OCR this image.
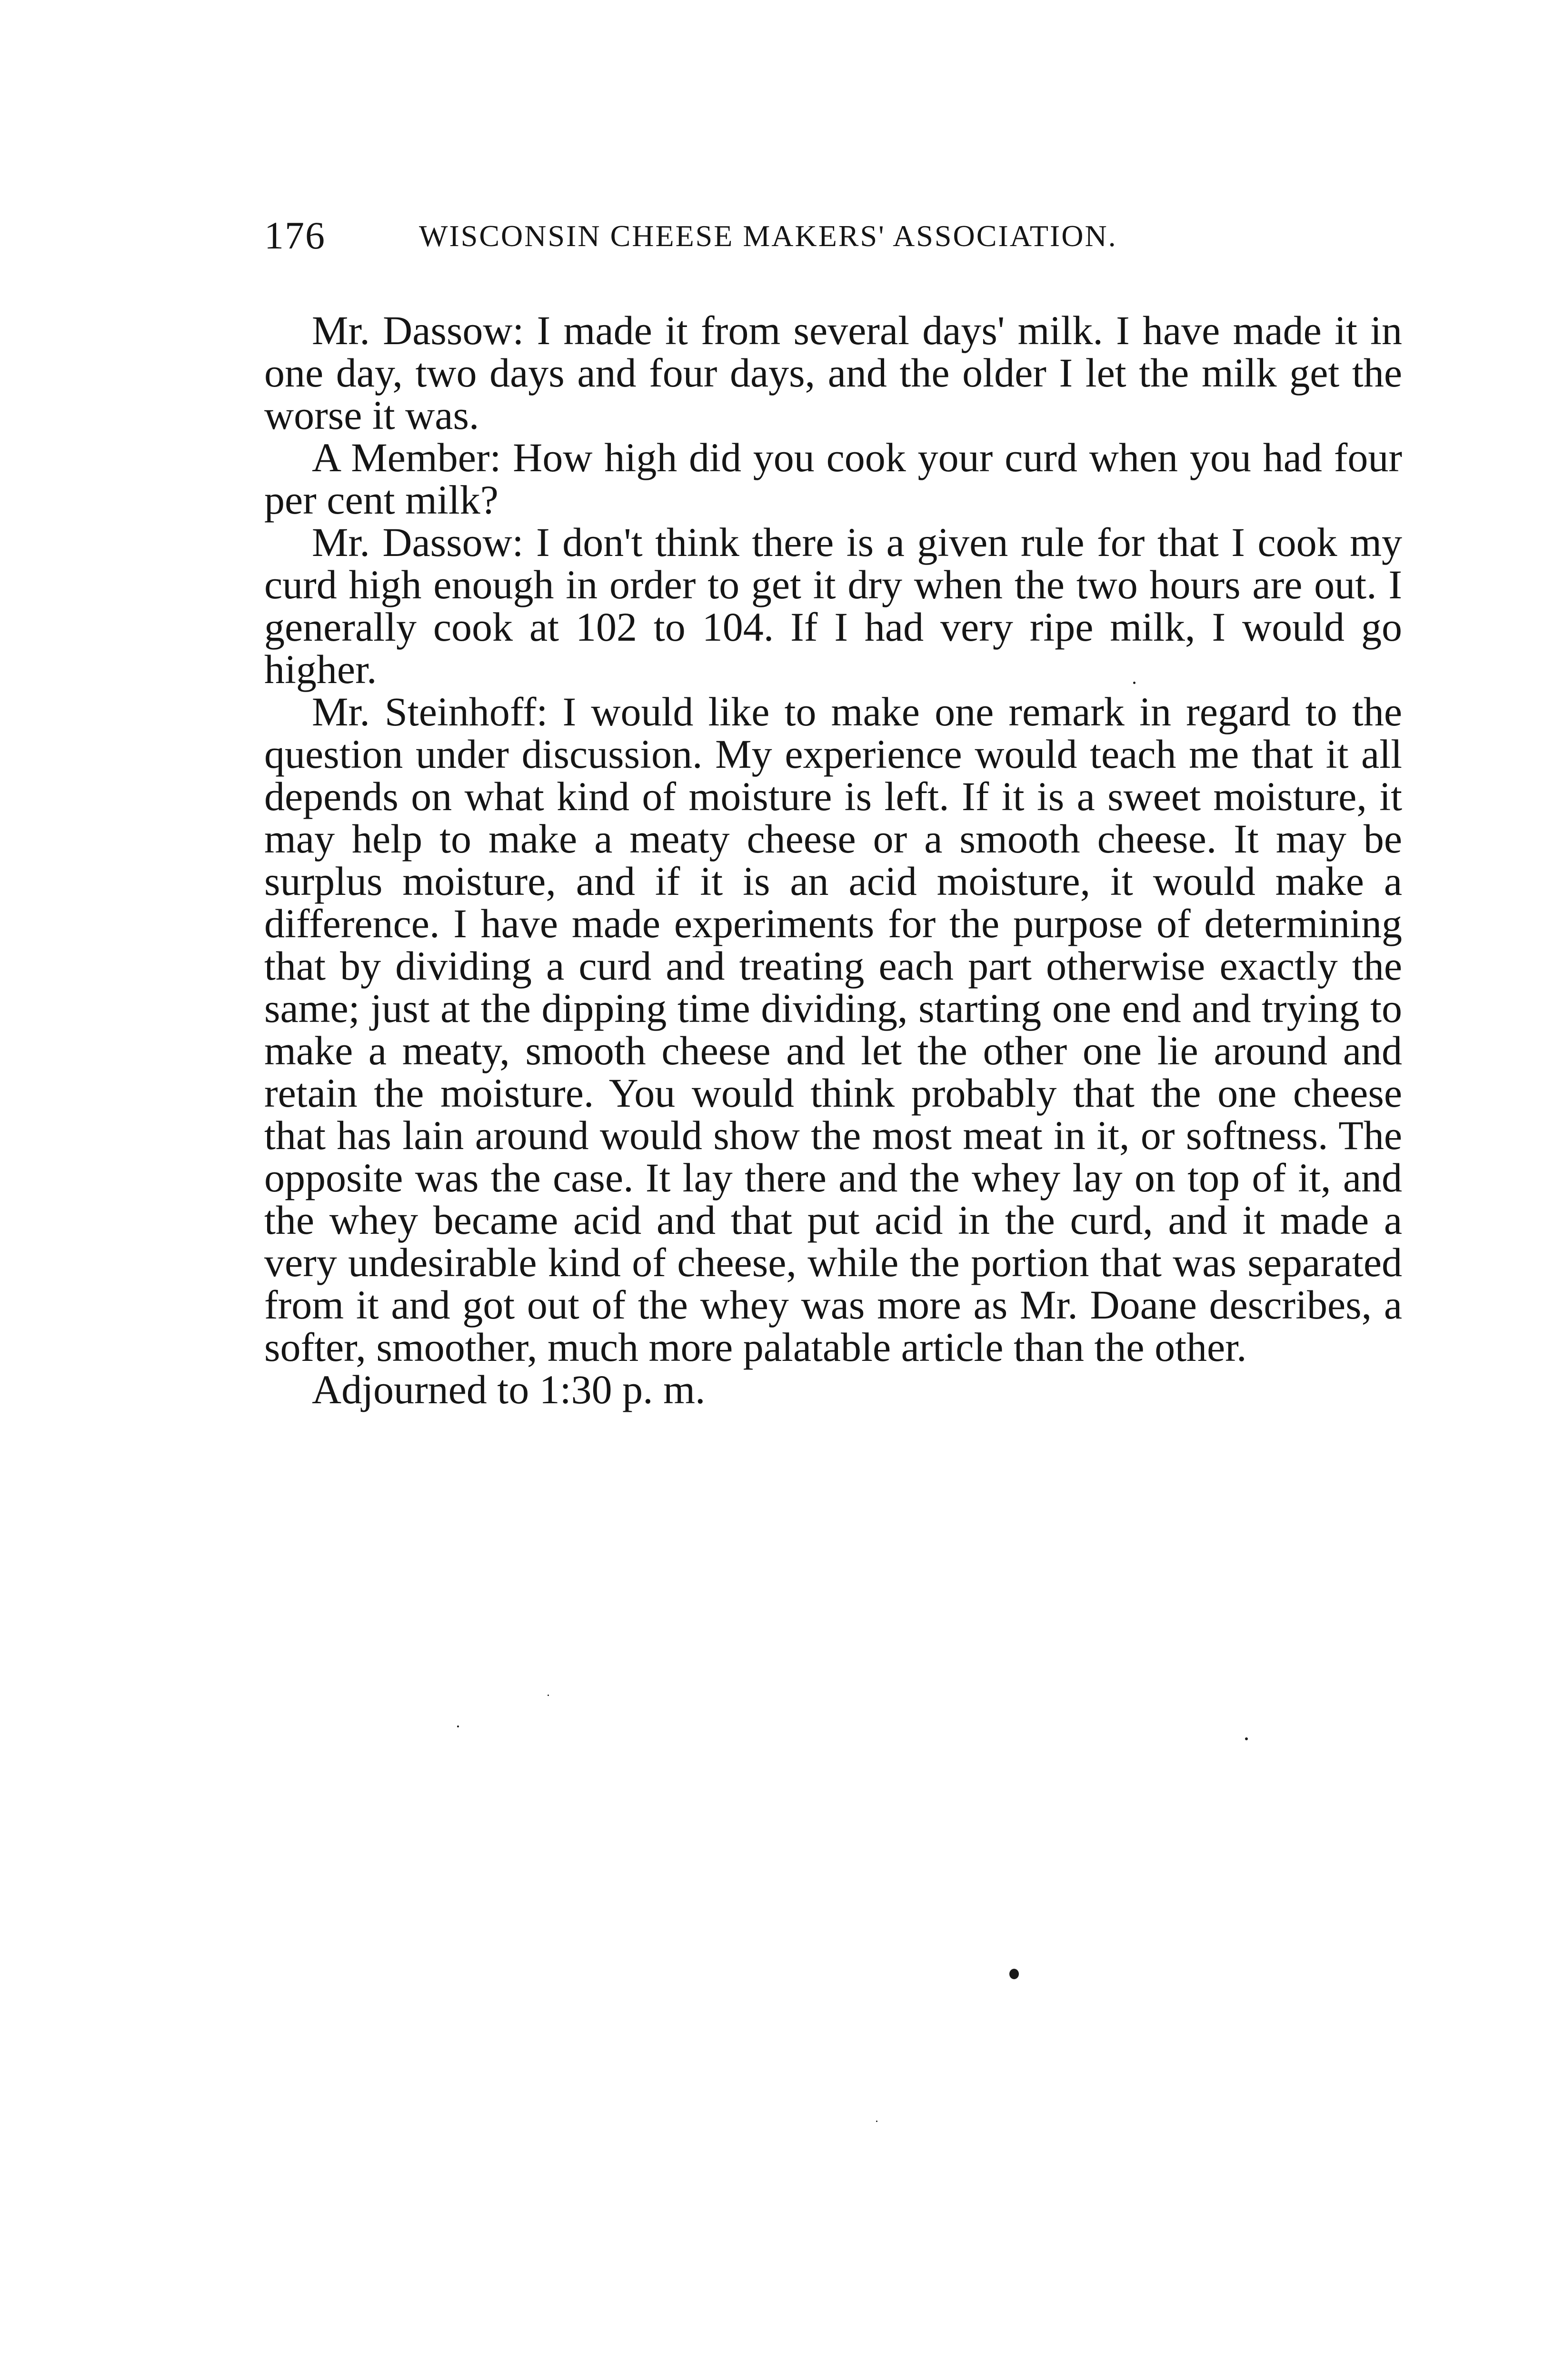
176	WISCONSIN CHEESE MAKERS' ASSOCIATION.

Mr. Dassow: I made it from several days' milk. I have made it in one day, two days and four days, and the older I let the milk get the worse it was.

A Member: How high did you cook your curd when you had four per cent milk?

Mr. Dassow: I don't think there is a given rule for that I cook my curd high enough in order to get it dry when the two hours are out. I generally cook at 102 to 104. If I had very ripe milk, I would go higher.

Mr. Steinhoff: I would like to make one remark in regard to the question under discussion. My experience would teach me that it all depends on what kind of moisture is left. If it is a sweet moisture, it may help to make a meaty cheese or a smooth cheese. It may be surplus moisture, and if it is an acid moisture, it would make a difference. I have made experiments for the purpose of determining that by dividing a curd and treating each part otherwise exactly the same; just at the dipping time dividing, starting one end and trying to make a meaty, smooth cheese and let the other one lie around and retain the moisture. You would think probably that the one cheese that has lain around would show the most meat in it, or softness. The opposite was the case. It lay there and the whey lay on top of it, and the whey became acid and that put acid in the curd, and it made a very undesirable kind of cheese, while the portion that was separated from it and got out of the whey was more as Mr. Doane describes, a softer, smoother, much more palatable article than the other.

Adjourned to 1:30 p. m.
